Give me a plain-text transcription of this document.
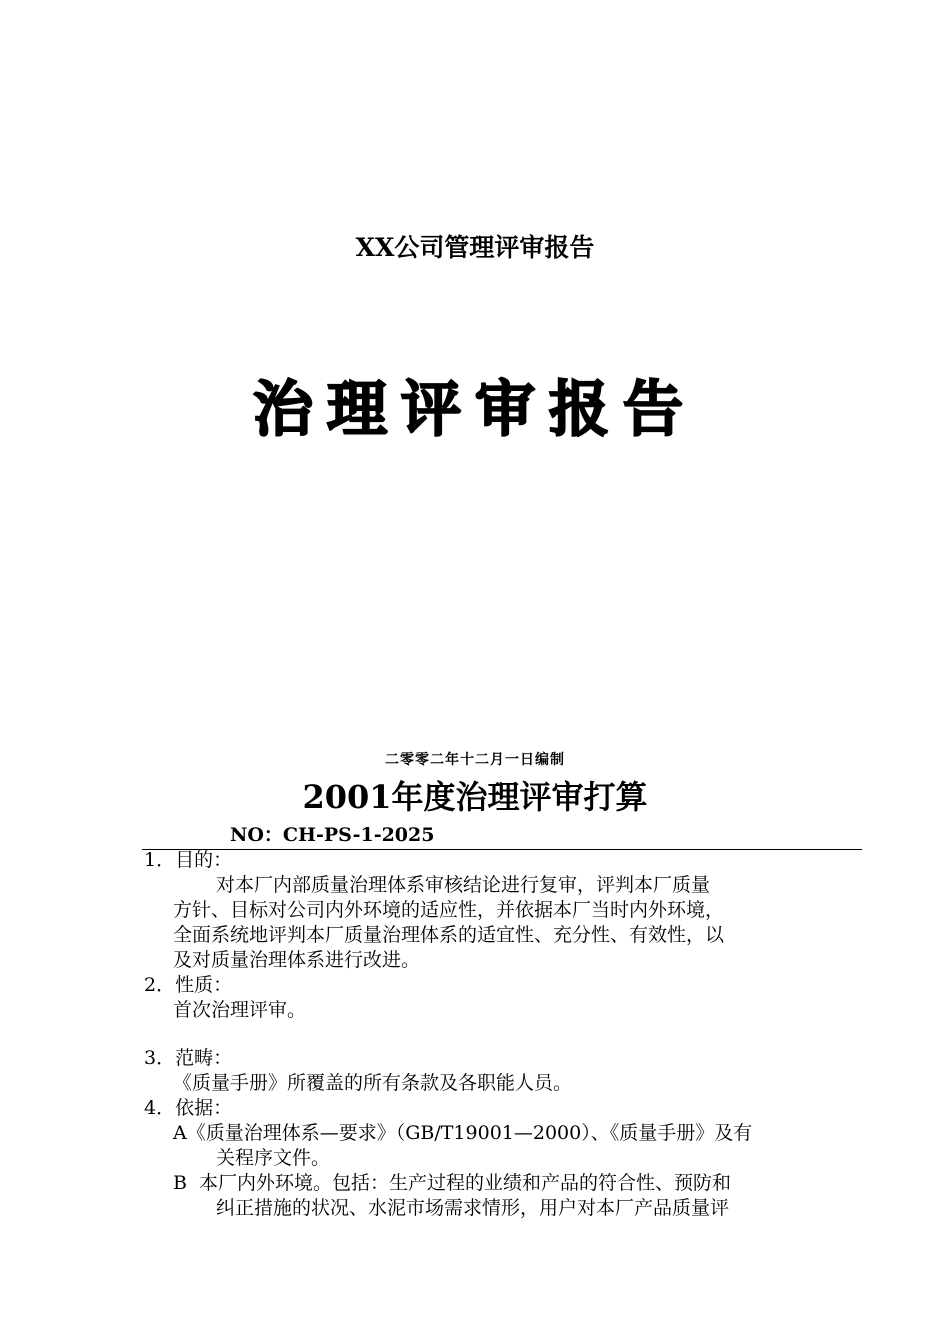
XX公司管理评审报告
治理评审报告
二零零二年十二月一日编制
2001年度治理评审打算
NO：CH-PS-1-2025
1．目的：
对本厂内部质量治理体系审核结论进行复审，评判本厂质量
方针、目标对公司内外环境的适应性，并依据本厂当时内外环境，
全面系统地评判本厂质量治理体系的适宜性、充分性、有效性，以
及对质量治理体系进行改进。
2．性质：
首次治理评审。
3．范畴：
《质量手册》所覆盖的所有条款及各职能人员。
4．依据：
A《质量治理体系—要求》（GB/T19001—2000）、《质量手册》及有
关程序文件。
B  本厂内外环境。包括：生产过程的业绩和产品的符合性、预防和
纠正措施的状况、水泥市场需求情形，用户对本厂产品质量评
